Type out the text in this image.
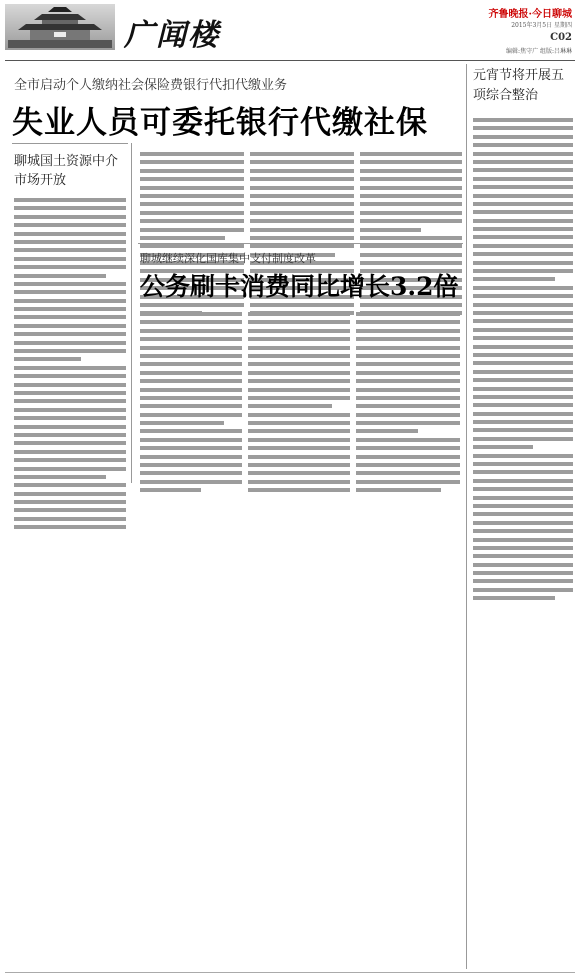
广闻楼
齐鲁晚报·今日聊城
2015年3月5日 星期四
C02
编辑:焦守广 组版:吕琳琳
全市启动个人缴纳社会保险费银行代扣代缴业务
失业人员可委托银行代缴社保
元宵节将开展五项综合整治
聊城国土资源中介市场开放
聊城继续深化国库集中支付制度改革
公务刷卡消费同比增长3.2倍
